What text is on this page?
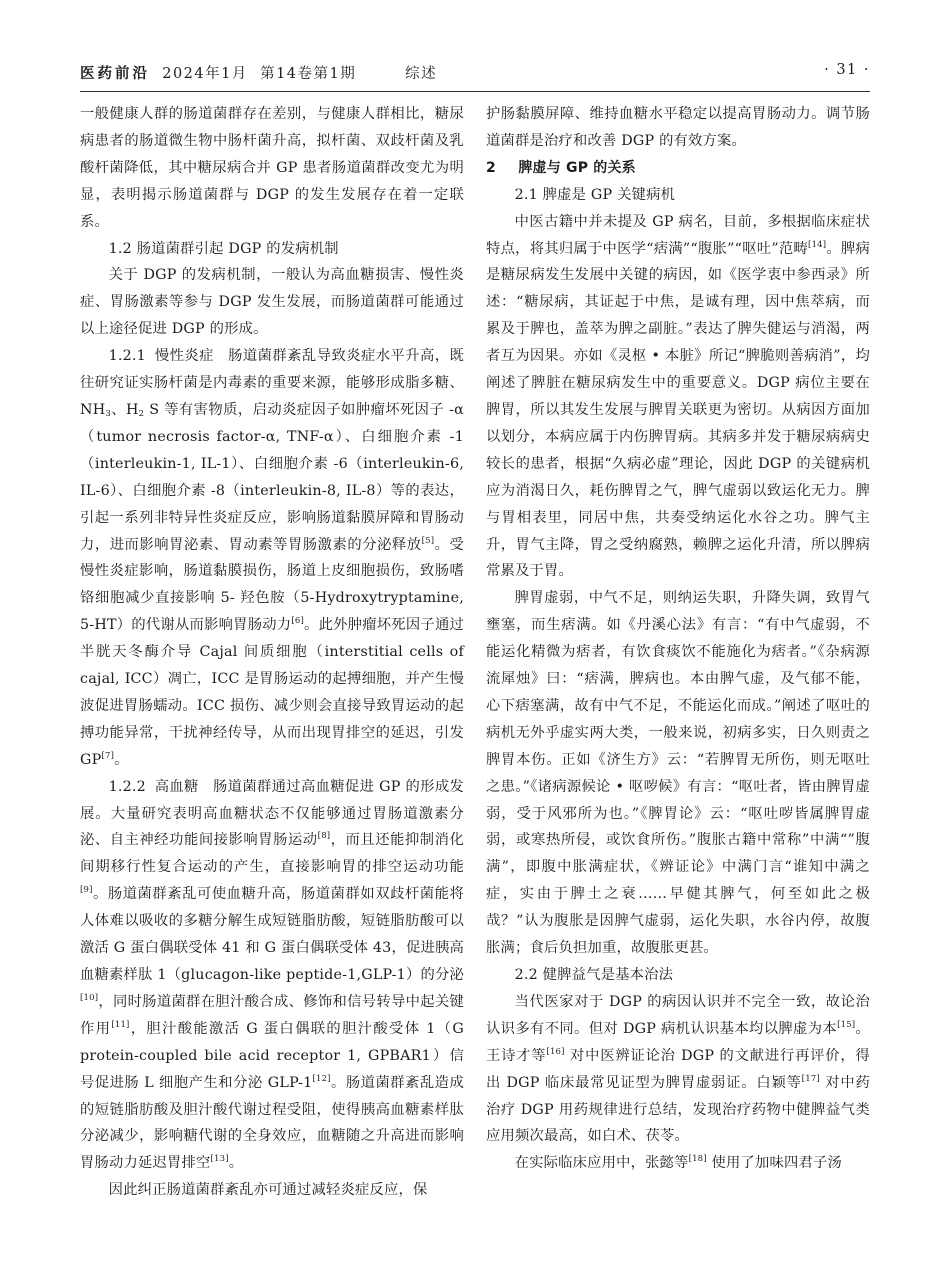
医药前沿 2024年1月  第14卷第1期	综述	· 31 ·

一般健康人群的肠道菌群存在差别，与健康人群相比，糖尿病患者的肠道微生物中肠杆菌升高，拟杆菌、双歧杆菌及乳酸杆菌降低，其中糖尿病合并 GP 患者肠道菌群改变尤为明显，表明揭示肠道菌群与 DGP 的发生发展存在着一定联系。

1.2 肠道菌群引起 DGP 的发病机制

关于 DGP 的发病机制，一般认为高血糖损害、慢性炎症、胃肠激素等参与 DGP 发生发展，而肠道菌群可能通过以上途径促进 DGP 的形成。

1.2.1 慢性炎症 肠道菌群紊乱导致炎症水平升高，既往研究证实肠杆菌是内毒素的重要来源，能够形成脂多糖、$NH_3$、$H_2$ S 等有害物质，启动炎症因子如肿瘤坏死因子 -α（tumor necrosis factor-α, TNF-α）、白细胞介素 -1（interleukin-1, IL-1）、白细胞介素 -6（interleukin-6, IL-6）、白细胞介素 -8（interleukin-8, IL-8）等的表达，引起一系列非特异性炎症反应，影响肠道黏膜屏障和胃肠动力，进而影响胃泌素、胃动素等胃肠激素的分泌释放[5]。受慢性炎症影响，肠道黏膜损伤，肠道上皮细胞损伤，致肠嗜铬细胞减少直接影响 5- 羟色胺（5-Hydroxytryptamine, 5-HT）的代谢从而影响胃肠动力[6]。此外肿瘤坏死因子通过半胱天冬酶介导 Cajal 间质细胞（interstitial cells of cajal, ICC）凋亡，ICC 是胃肠运动的起搏细胞，并产生慢波促进胃肠蠕动。ICC 损伤、减少则会直接导致胃运动的起搏功能异常，干扰神经传导，从而出现胃排空的延迟，引发 GP[7]。

1.2.2 高血糖 肠道菌群通过高血糖促进 GP 的形成发展。大量研究表明高血糖状态不仅能够通过胃肠道激素分泌、自主神经功能间接影响胃肠运动[8]，而且还能抑制消化间期移行性复合运动的产生，直接影响胃的排空运动功能[9]。肠道菌群紊乱可使血糖升高，肠道菌群如双歧杆菌能将人体难以吸收的多糖分解生成短链脂肪酸，短链脂肪酸可以激活 G 蛋白偶联受体 41 和 G 蛋白偶联受体 43，促进胰高血糖素样肽 1（glucagon-like peptide-1,GLP-1）的分泌[10]，同时肠道菌群在胆汁酸合成、修饰和信号转导中起关键作用[11]，胆汁酸能激活 G 蛋白偶联的胆汁酸受体 1（G protein-coupled bile acid receptor 1, GPBAR1）信号促进肠 L 细胞产生和分泌 GLP-1[12]。肠道菌群紊乱造成的短链脂肪酸及胆汁酸代谢过程受阻，使得胰高血糖素样肽分泌减少，影响糖代谢的全身效应，血糖随之升高进而影响胃肠动力延迟胃排空[13]。

因此纠正肠道菌群紊乱亦可通过减轻炎症反应，保

护肠黏膜屏障、维持血糖水平稳定以提高胃肠动力。调节肠道菌群是治疗和改善 DGP 的有效方案。

2 脾虚与 GP 的关系

2.1 脾虚是 GP 关键病机

中医古籍中并未提及 GP 病名，目前，多根据临床症状特点，将其归属于中医学“痞满”“腹胀”“呕吐”范畴[14]。脾病是糖尿病发生发展中关键的病因，如《医学衷中参西录》所述：“糖尿病，其证起于中焦，是诚有理，因中焦萃病，而累及于脾也，盖萃为脾之副脏。”表达了脾失健运与消渴，两者互为因果。亦如《灵枢 • 本脏》所记“脾脆则善病消”，均阐述了脾脏在糖尿病发生中的重要意义。DGP 病位主要在脾胃，所以其发生发展与脾胃关联更为密切。从病因方面加以划分，本病应属于内伤脾胃病。其病多并发于糖尿病病史较长的患者，根据“久病必虚”理论，因此 DGP 的关键病机应为消渴日久，耗伤脾胃之气，脾气虚弱以致运化无力。脾与胃相表里，同居中焦，共奏受纳运化水谷之功。脾气主升，胃气主降，胃之受纳腐熟，赖脾之运化升清，所以脾病常累及于胃。

脾胃虚弱，中气不足，则纳运失职，升降失调，致胃气壅塞，而生痞满。如《丹溪心法》有言：“有中气虚弱，不能运化精微为痞者，有饮食痰饮不能施化为痞者。”《杂病源流犀烛》曰：“痞满，脾病也。本由脾气虚，及气郁不能，心下痞塞满，故有中气不足，不能运化而成。”阐述了呕吐的病机无外乎虚实两大类，一般来说，初病多实，日久则责之脾胃本伤。正如《济生方》云：“若脾胃无所伤，则无呕吐之患。”《诸病源候论 • 呕哕候》有言：“呕吐者，皆由脾胃虚弱，受于风邪所为也。”《脾胃论》云：“呕吐哕皆属脾胃虚弱，或寒热所侵，或饮食所伤。”腹胀古籍中常称”中满“”腹满”，即腹中胀满症状，《辨证论》中满门言“谁知中满之症，实由于脾土之衰……早健其脾气，何至如此之极哉？”认为腹胀是因脾气虚弱，运化失职，水谷内停，故腹胀满；食后负担加重，故腹胀更甚。

2.2 健脾益气是基本治法

当代医家对于 DGP 的病因认识并不完全一致，故论治认识多有不同。但对 DGP 病机认识基本均以脾虚为本[15]。王诗才等[16] 对中医辨证论治 DGP 的文献进行再评价，得出 DGP 临床最常见证型为脾胃虚弱证。白颖等[17] 对中药治疗 DGP 用药规律进行总结，发现治疗药物中健脾益气类应用频次最高，如白术、茯苓。

在实际临床应用中，张懿等[18] 使用了加味四君子汤
